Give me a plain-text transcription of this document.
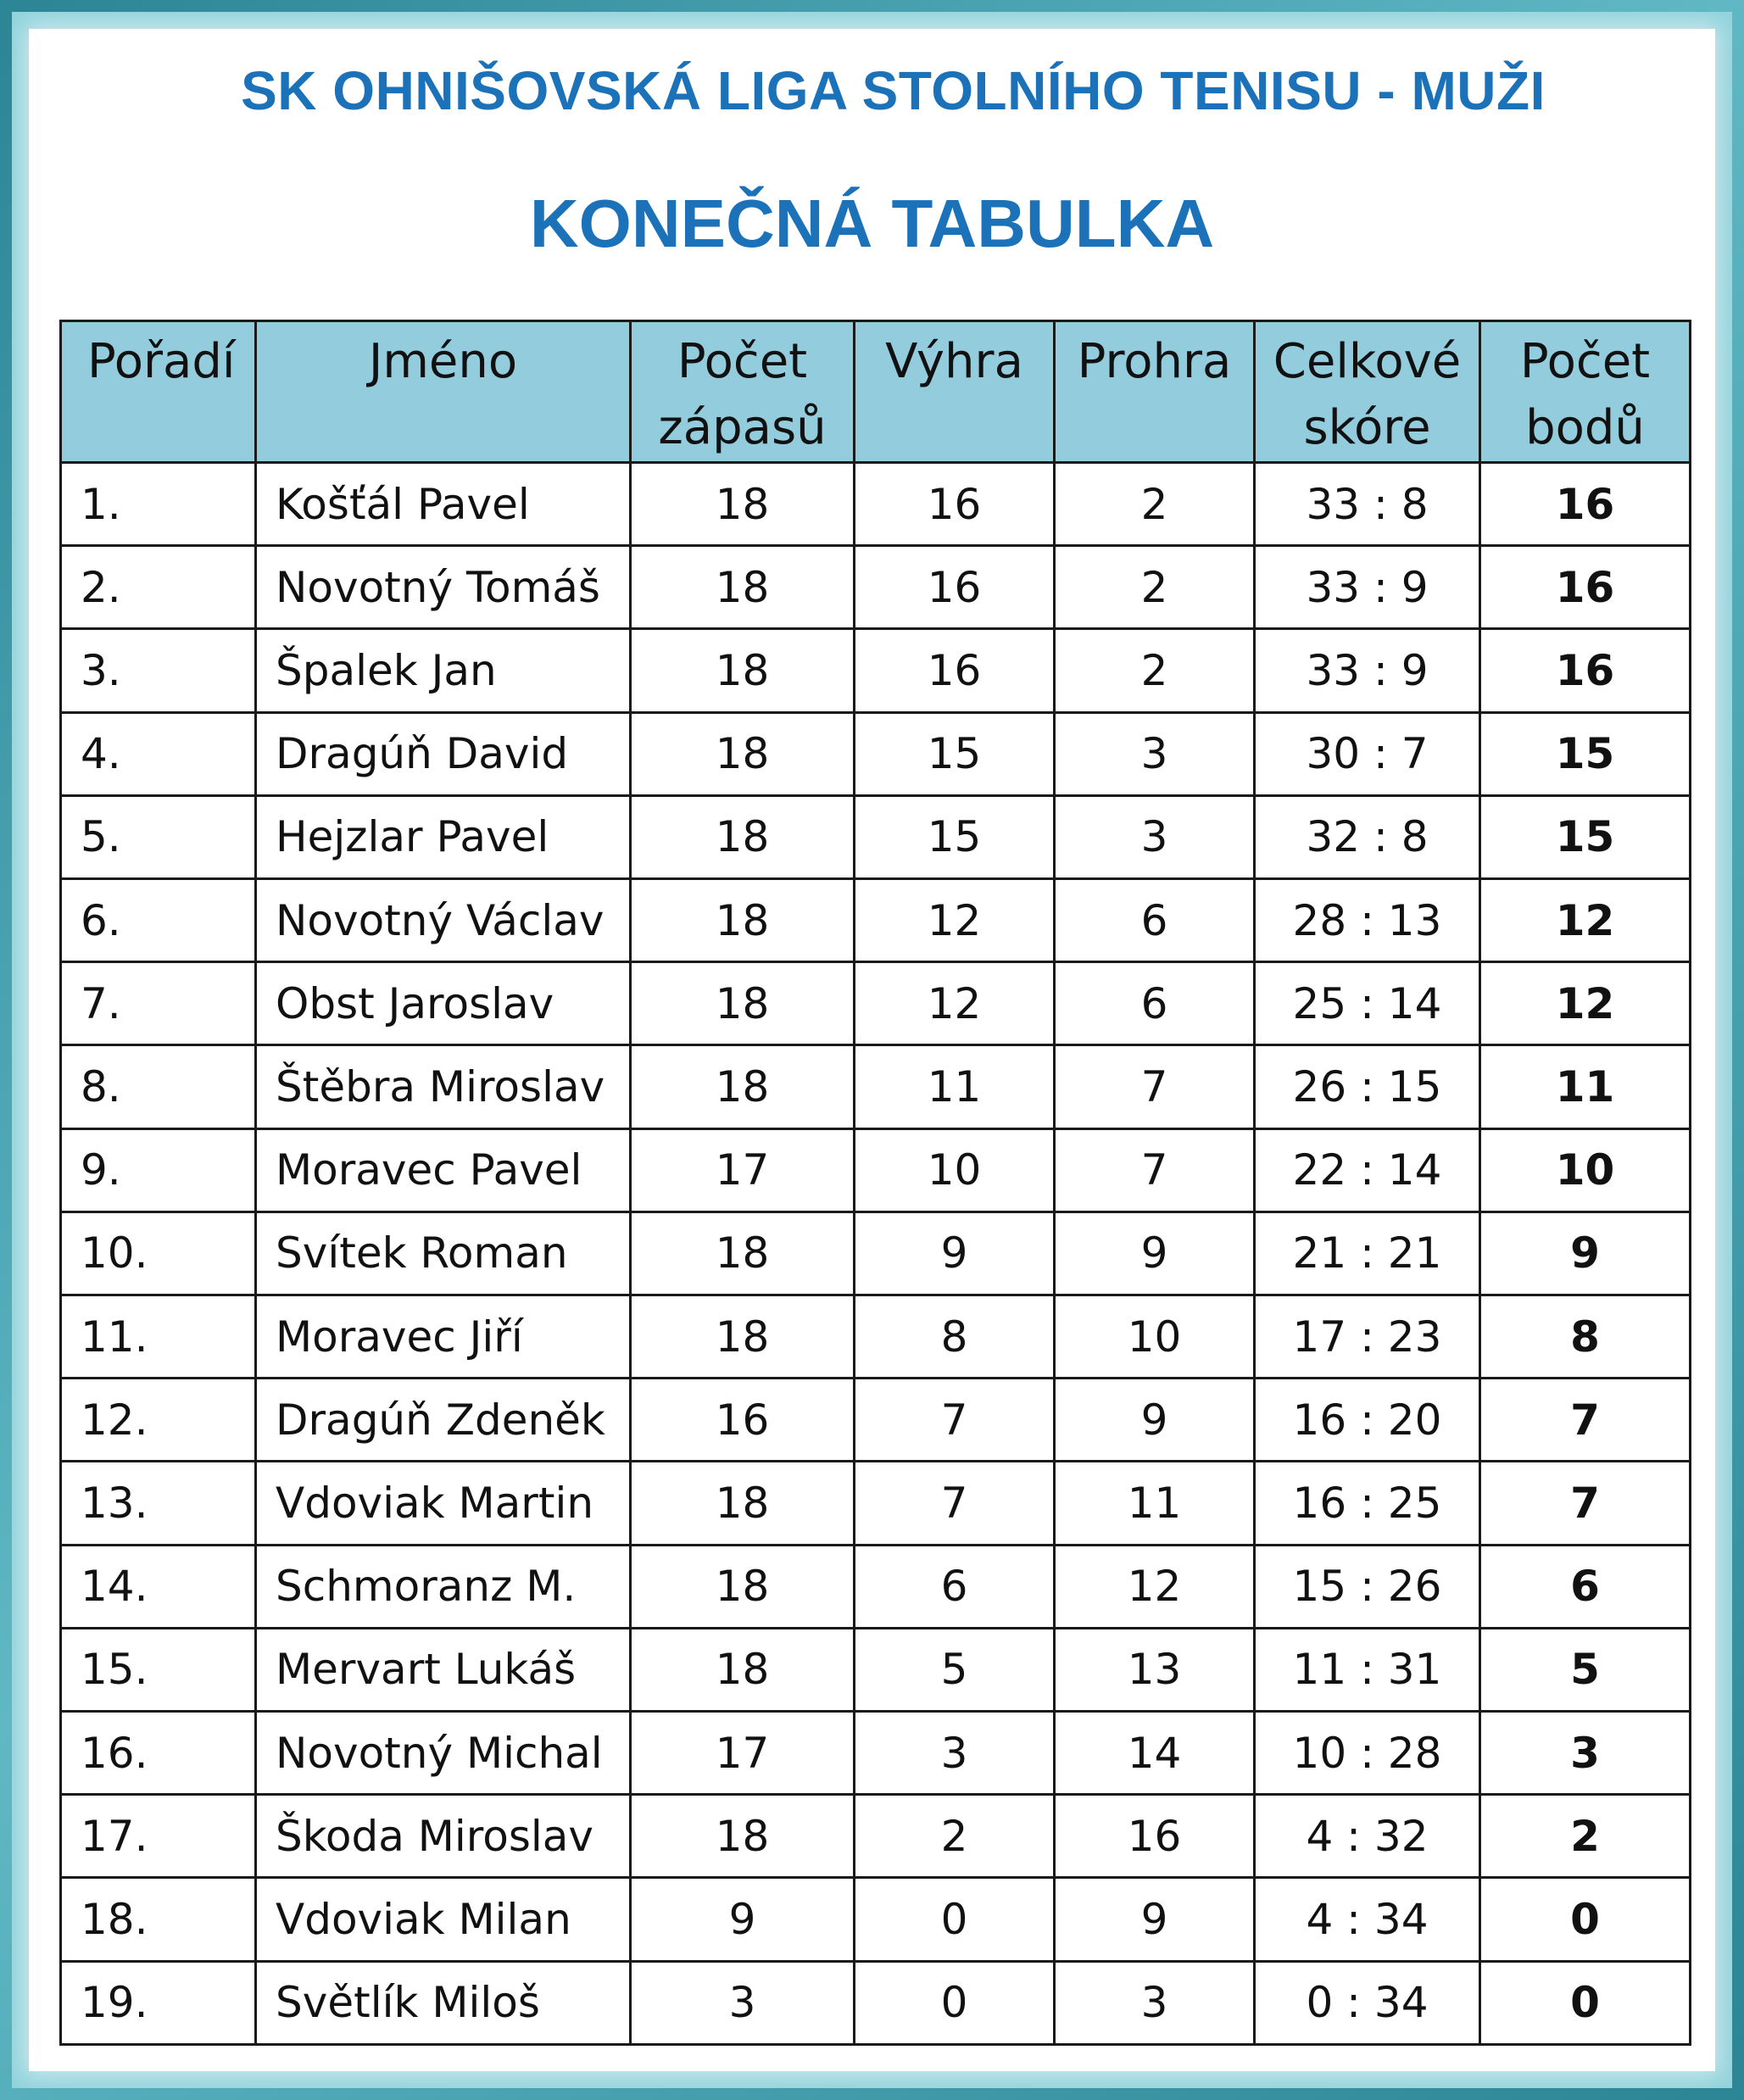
SK OHNIŠOVSKÁ LIGA STOLNÍHO TENISU - MUŽI
KONEČNÁ TABULKA
Pořadí	Jméno	Počet zápasů	Výhra	Prohra	Celkové skóre	Počet bodů
1.	Košťál Pavel	18	16	2	33 : 8	16
2.	Novotný Tomáš	18	16	2	33 : 9	16
3.	Špalek Jan	18	16	2	33 : 9	16
4.	Dragúň David	18	15	3	30 : 7	15
5.	Hejzlar Pavel	18	15	3	32 : 8	15
6.	Novotný Václav	18	12	6	28 : 13	12
7.	Obst Jaroslav	18	12	6	25 : 14	12
8.	Štěbra Miroslav	18	11	7	26 : 15	11
9.	Moravec Pavel	17	10	7	22 : 14	10
10.	Svítek Roman	18	9	9	21 : 21	9
11.	Moravec Jiří	18	8	10	17 : 23	8
12.	Dragúň Zdeněk	16	7	9	16 : 20	7
13.	Vdoviak Martin	18	7	11	16 : 25	7
14.	Schmoranz M.	18	6	12	15 : 26	6
15.	Mervart Lukáš	18	5	13	11 : 31	5
16.	Novotný Michal	17	3	14	10 : 28	3
17.	Škoda Miroslav	18	2	16	4 : 32	2
18.	Vdoviak Milan	9	0	9	4 : 34	0
19.	Světlík Miloš	3	0	3	0 : 34	0
